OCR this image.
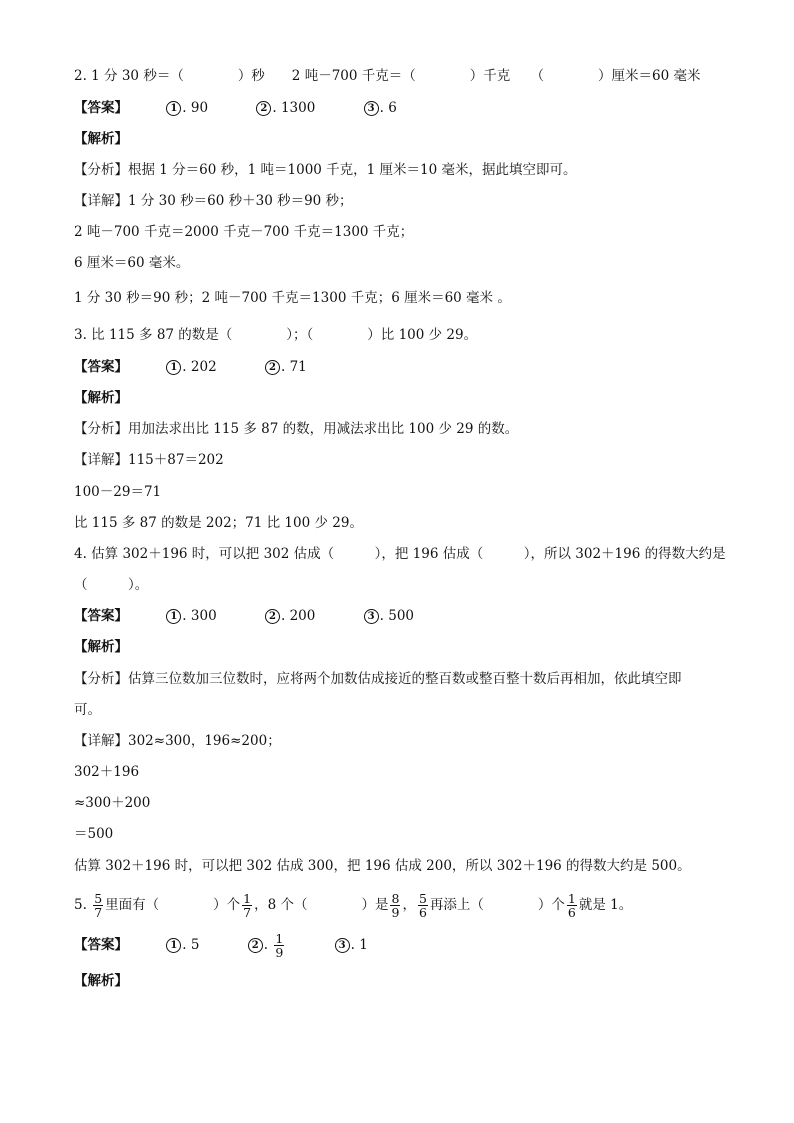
2. 1 分 30 秒＝（　　　　）秒　　2 吨－700 千克＝（　　　　）千克　　（　　　　）厘米＝60 毫米
【答案】	1 . 90	2 . 1300	3 . 6
【解析】
【分析】根据 1 分＝60 秒，1 吨＝1000 千克，1 厘米＝10 毫米，据此填空即可。
【详解】1 分 30 秒＝60 秒＋30 秒＝90 秒；
2 吨－700 千克＝2000 千克－700 千克＝1300 千克；
6 厘米＝60 毫米。
1 分 30 秒＝90 秒；2 吨－700 千克＝1300 千克；6 厘米＝60 毫米 。
3. 比 115 多 87 的数是（　　　　）；（　　　　）比 100 少 29。
【答案】	1 . 202	2 . 71
【解析】
【分析】用加法求出比 115 多 87 的数，用减法求出比 100 少 29 的数。
【详解】115＋87＝202
100－29＝71
比 115 多 87 的数是 202；71 比 100 少 29。
4. 估算 302＋196 时，可以把 302 估成（　　　），把 196 估成（　　　），所以 302＋196 的得数大约是
（　　　）。
【答案】	1 . 300	2 . 200	3 . 500
【解析】
【分析】估算三位数加三位数时，应将两个加数估成接近的整百数或整百整十数后再相加，依此填空即
可。
【详解】302≈300，196≈200；
302＋196
≈300＋200
＝500
估算 302＋196 时，可以把 302 估成 300，把 196 估成 200，所以 302＋196 的得数大约是 500。
5. $\frac{5}{7}$ 里面有（　　　　）个 $\frac{1}{7}$ ，8 个（　　　　）是 $\frac{8}{9}$ ， $\frac{5}{6}$ 再添上（　　　　）个 $\frac{1}{6}$ 就是 1。
【答案】	1 . 5	2 . $\frac{1}{9}$	3 . 1
【解析】
